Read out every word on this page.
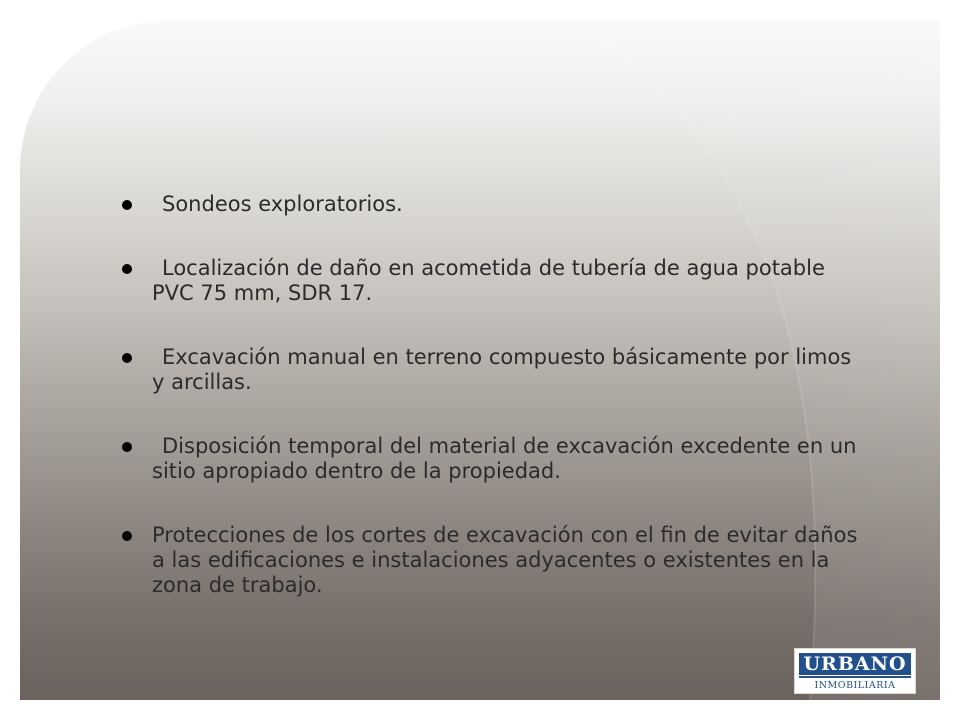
Sondeos exploratorios.
Localización de daño en acometida de tubería de agua potable PVC 75 mm, SDR 17.
Excavación manual en terreno compuesto básicamente por limos y arcillas.
Disposición temporal del material de excavación excedente en un sitio apropiado dentro de la propiedad.
Protecciones de los cortes de excavación con el fin de evitar daños a las edificaciones e instalaciones adyacentes o existentes en la zona de trabajo.
URBANO
INMOBILIARIA
